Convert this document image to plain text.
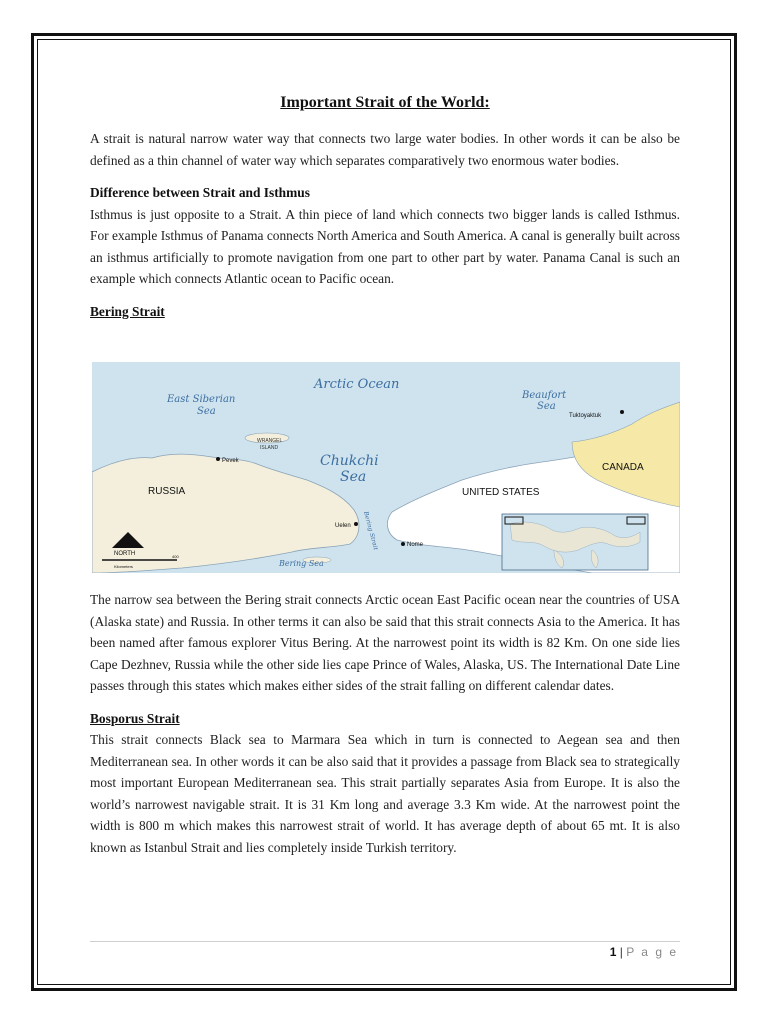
Important Strait of the World:

A strait is natural narrow water way that connects two large water bodies. In other words it can be also be defined as a thin channel of water way which separates comparatively two enormous water bodies.

Difference between Strait and Isthmus

Isthmus is just opposite to a Strait. A thin piece of land which connects two bigger lands is called Isthmus. For example Isthmus of Panama connects North America and South America. A canal is generally built across an isthmus artificially to promote navigation from one part to other part by water. Panama Canal is such an example which connects Atlantic ocean to Pacific ocean.

Bering Strait
Arctic Ocean
East Siberian
Sea
Beaufort
Sea
Chukchi
Sea
WRANGEL
ISLAND
Pevek
RUSSIA	UNITED STATES
CANADA
Tuktoyaktuk
Uelen
Nome
Bering Strait
Bering Sea
NORTH	400
Kilometers

The narrow sea between the Bering strait connects Arctic ocean East Pacific ocean near the countries of USA (Alaska state) and Russia. In other terms it can also be said that this strait connects Asia to the America. It has been named after famous explorer Vitus Bering. At the narrowest point its width is 82 Km. On one side lies Cape Dezhnev, Russia while the other side lies cape Prince of Wales, Alaska, US. The International Date Line passes through this states which makes either sides of the strait falling on different calendar dates.

Bosporus Strait

This strait connects Black sea to Marmara Sea which in turn is connected to Aegean sea and then Mediterranean sea. In other words it can be also said that it provides a passage from Black sea to strategically most important European Mediterranean sea. This strait partially separates Asia from Europe. It is also the world’s narrowest navigable strait. It is 31 Km long and average 3.3 Km wide. At the narrowest point the width is 800 m which makes this narrowest strait of world. It has average depth of about 65 mt. It is also known as Istanbul Strait and lies completely inside Turkish territory.

1 | P a g e
